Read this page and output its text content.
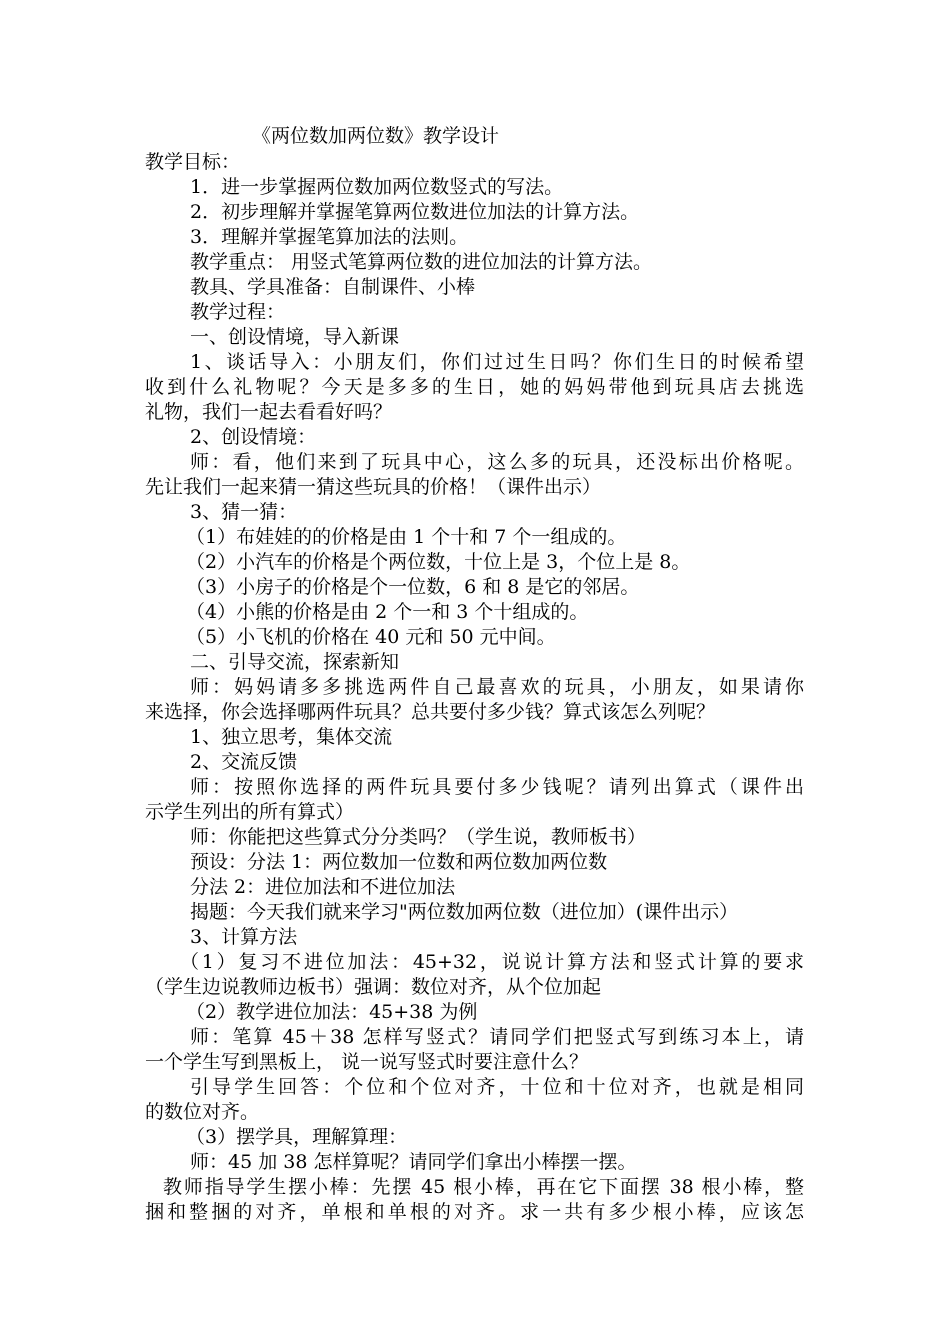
《两位数加两位数》教学设计
教学目标：
1．进一步掌握两位数加两位数竖式的写法。
2．初步理解并掌握笔算两位数进位加法的计算方法。
3．理解并掌握笔算加法的法则。
教学重点： 用竖式笔算两位数的进位加法的计算方法。
教具、学具准备：自制课件、小棒
教学过程：
一、创设情境，导入新课
1、谈话导入：小朋友们，你们过过生日吗？你们生日的时候希望
收到什么礼物呢？今天是多多的生日，她的妈妈带他到玩具店去挑选
礼物，我们一起去看看好吗？
2、创设情境：
师：看，他们来到了玩具中心，这么多的玩具，还没标出价格呢。
先让我们一起来猜一猜这些玩具的价格！（课件出示）
3、猜一猜：
（1）布娃娃的的价格是由 1 个十和 7 个一组成的。
（2）小汽车的价格是个两位数，十位上是 3，个位上是 8。
（3）小房子的价格是个一位数，6 和 8 是它的邻居。
（4）小熊的价格是由 2 个一和 3 个十组成的。
（5）小飞机的价格在 40 元和 50 元中间。
二、引导交流，探索新知
师：妈妈请多多挑选两件自己最喜欢的玩具，小朋友，如果请你
来选择，你会选择哪两件玩具？总共要付多少钱？算式该怎么列呢？
1、独立思考，集体交流
2、交流反馈
师：按照你选择的两件玩具要付多少钱呢？请列出算式（课件出
示学生列出的所有算式）
师：你能把这些算式分分类吗？（学生说，教师板书）
预设：分法 1：两位数加一位数和两位数加两位数
分法 2：进位加法和不进位加法
揭题：今天我们就来学习"两位数加两位数（进位加）(课件出示）
3、计算方法
（1）复习不进位加法：45+32，说说计算方法和竖式计算的要求
（学生边说教师边板书）强调：数位对齐，从个位加起
（2）教学进位加法：45+38 为例
师：笔算 45＋38 怎样写竖式？请同学们把竖式写到练习本上，请
一个学生写到黑板上， 说一说写竖式时要注意什么？
引导学生回答：个位和个位对齐，十位和十位对齐，也就是相同
的数位对齐。
（3）摆学具，理解算理：
师：45 加 38 怎样算呢？请同学们拿出小棒摆一摆。
教师指导学生摆小棒：先摆 45 根小棒，再在它下面摆 38 根小棒，整
捆和整捆的对齐，单根和单根的对齐。求一共有多少根小棒，应该怎
